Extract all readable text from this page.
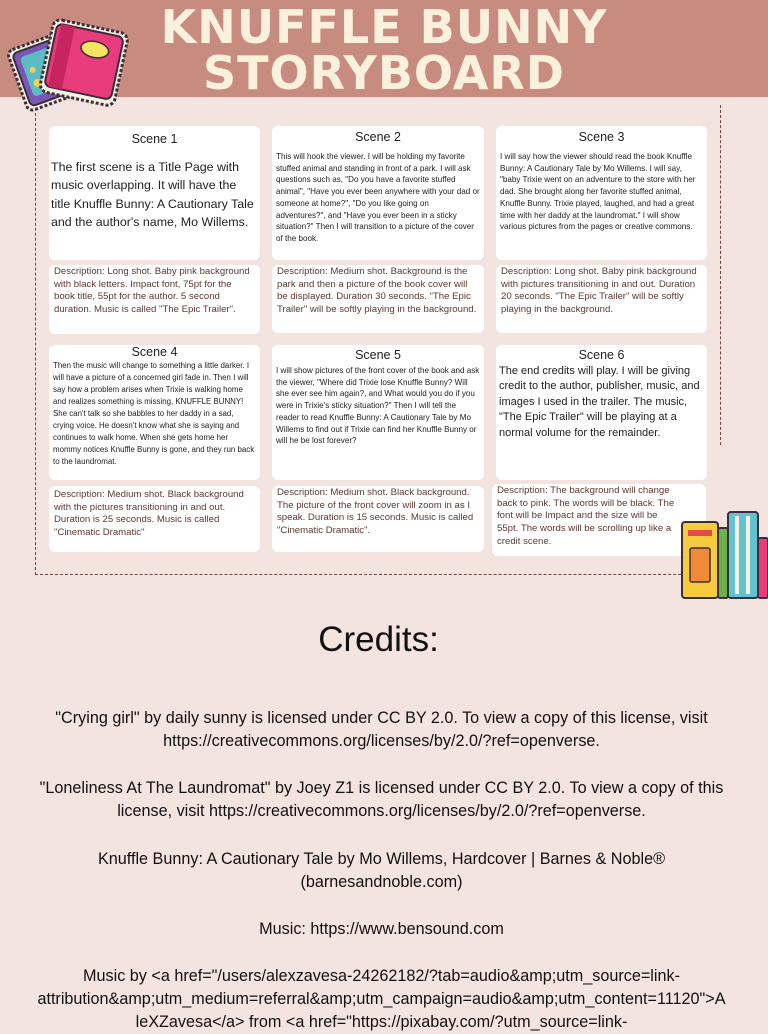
KNUFFLE BUNNY
STORYBOARD
Scene 1
The first scene is a Title Page with music overlapping. It will have the title Knuffle Bunny: A Cautionary Tale and the author's name, Mo Willems.
Description: Long shot. Baby pink background with black letters. Impact font, 75pt for the book title, 55pt for the author. 5 second duration. Music is called "The Epic Trailer".
Scene 2
This will hook the viewer. I will be holding my favorite stuffed animal and standing in front of a park. I will ask questions such as, "Do you have a favorite stuffed animal", "Have you ever been anywhere with your dad or someone at home?", "Do you like going on adventures?", and "Have you ever been in a sticky situation?" Then I will transition to a picture of the cover of the book.
Description: Medium shot. Background is the park and then a picture of the book cover will be displayed. Duration 30 seconds. "The Epic Trailer" will be softly playing in the background.
Scene 3
I will say how the viewer should read the book Knuffle Bunny: A Cautionary Tale by Mo Willems. I will say, "baby Trixie went on an adventure to the store with her dad. She brought along her favorite stuffed animal, Knuffle Bunny. Trixie played, laughed, and had a great time with her daddy at the laundromat." I will show various pictures from the pages or creative commons.
Description: Long shot. Baby pink background with pictures transitioning in and out. Duration 20 seconds. "The Epic Trailer" will be softly playing in the background.
Scene 4
Then the music will change to something a little darker. I will have a picture of a concerned girl fade in. Then I will say how a problem arises when Trixie is walking home and realizes something is missing, KNUFFLE BUNNY! She can't talk so she babbles to her daddy in a sad, crying voice. He doesn't know what she is saying and continues to walk home. When she gets home her mommy notices Knuffle Bunny is gone, and they run back to the laundromat.
Description: Medium shot. Black background with the pictures transitioning in and out. Duration is 25 seconds. Music is called "Cinematic Dramatic"
Scene 5
I will show pictures of the front cover of the book and ask the viewer, "Where did Trixie lose Knuffle Bunny? Will she ever see him again?, and What would you do if you were in Trixie's sticky situation?" Then I will tell the reader to read Knuffle Bunny: A Cautionary Tale by Mo Willems to find out if Trixie can find her Knuffle Bunny or will he be lost forever?
Description: Medium shot. Black background. The picture of the front cover will zoom in as I speak. Duration is 15 seconds. Music is called "Cinematic Dramatic".
Scene 6
The end credits will play. I will be giving credit to the author, publisher, music, and images I used in the trailer. The music, "The Epic Trailer" will be playing at a normal volume for the remainder.
Description: The background will change back to pink. The words will be black. The font will be Impact and the size will be 55pt. The words will be scrolling up like a credit scene.
Credits:
"Crying girl" by daily sunny is licensed under CC BY 2.0. To view a copy of this license, visit https://creativecommons.org/licenses/by/2.0/?ref=openverse.
"Loneliness At The Laundromat" by Joey Z1 is licensed under CC BY 2.0. To view a copy of this license, visit https://creativecommons.org/licenses/by/2.0/?ref=openverse.
Knuffle Bunny: A Cautionary Tale by Mo Willems, Hardcover | Barnes & Noble® (barnesandnoble.com)
Music: https://www.bensound.com
Music by <a href="/users/alexzavesa-24262182/?tab=audio&amp;utm_source=link-
attribution&amp;utm_medium=referral&amp;utm_campaign=audio&amp;utm_content=11120">A
leXZavesa</a> from <a href="https://pixabay.com/?utm_source=link-
